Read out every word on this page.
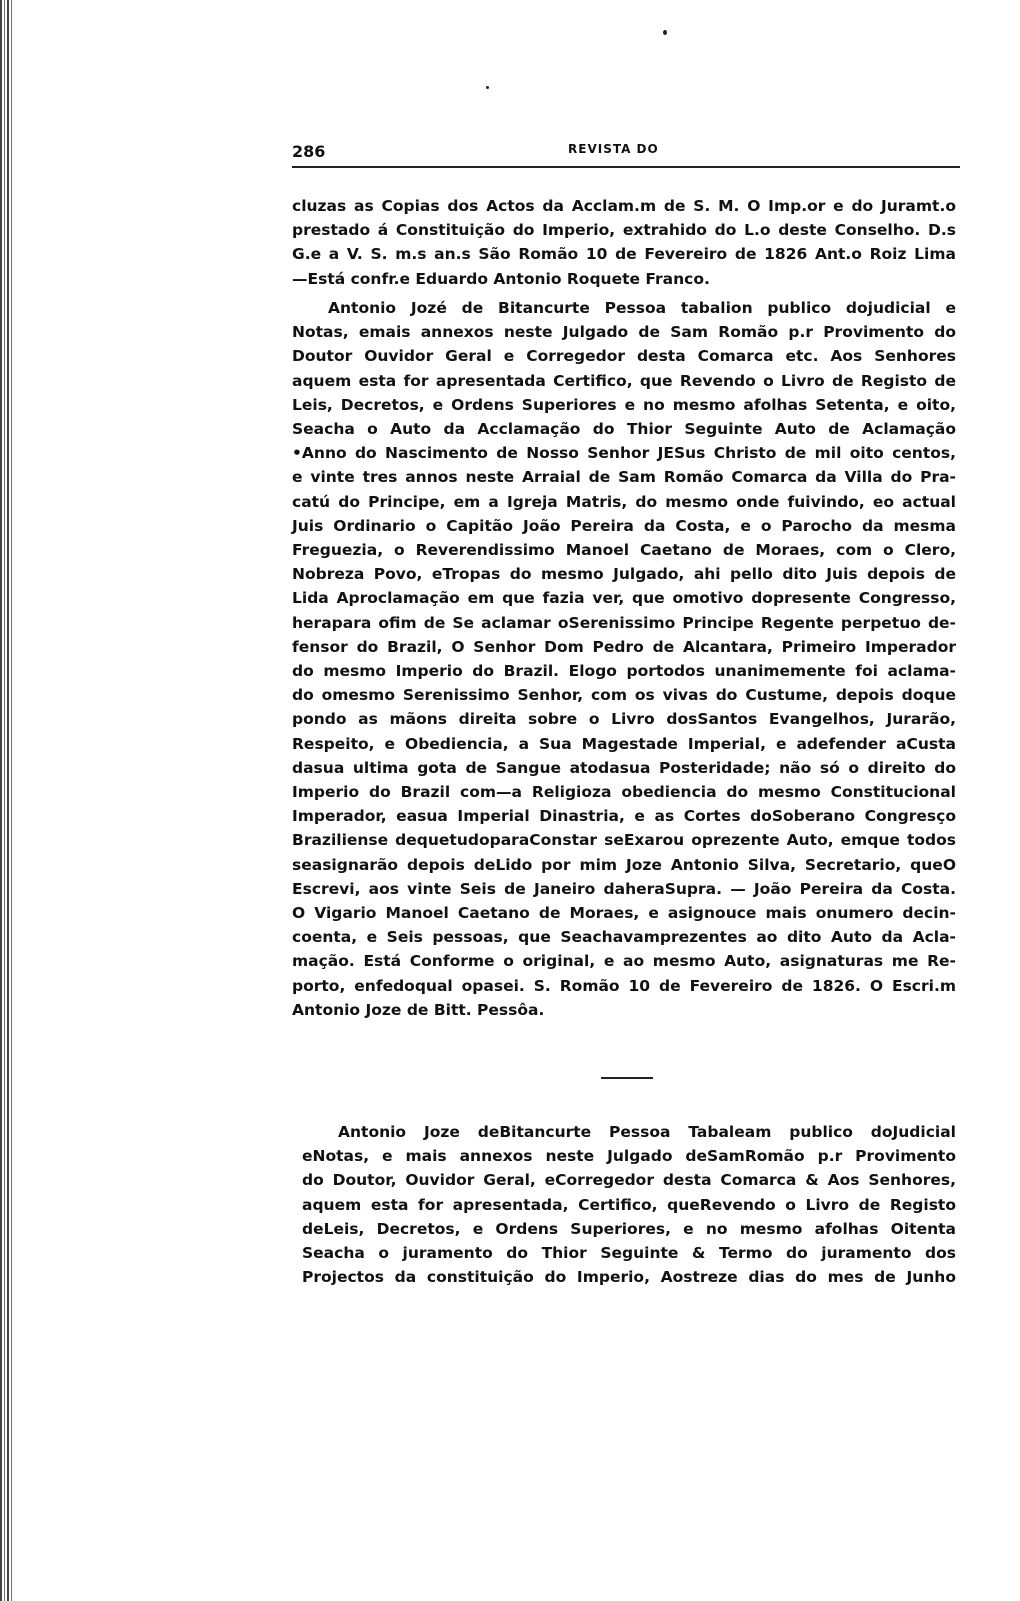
286	REVISTA DO
cluzas as Copias dos Actos da Acclam.m de S. M. O Imp.or e do Juramt.o
prestado á Constituição do Imperio, extrahido do L.o deste Conselho. D.s
G.e a V. S. m.s an.s São Romão 10 de Fevereiro de 1826 Ant.o Roiz Lima
—Está confr.e Eduardo Antonio Roquete Franco.
Antonio Jozé de Bitancurte Pessoa tabalion publico dojudicial e
Notas, emais annexos neste Julgado de Sam Romão p.r Provimento do
Doutor Ouvidor Geral e Corregedor desta Comarca etc. Aos Senhores
aquem esta for apresentada Certifico, que Revendo o Livro de Registo de
Leis, Decretos, e Ordens Superiores e no mesmo afolhas Setenta, e oito,
Seacha o Auto da Acclamação do Thior Seguinte Auto de Aclamação
•Anno do Nascimento de Nosso Senhor JESus Christo de mil oito centos,
e vinte tres annos neste Arraial de Sam Romão Comarca da Villa do Pra-
catú do Principe, em a Igreja Matris, do mesmo onde fuivindo, eo actual
Juis Ordinario o Capitão João Pereira da Costa, e o Parocho da mesma
Freguezia, o Reverendissimo Manoel Caetano de Moraes, com o Clero,
Nobreza Povo, eTropas do mesmo Julgado, ahi pello dito Juis depois de
Lida Aproclamação em que fazia ver, que omotivo dopresente Congresso,
herapara ofim de Se aclamar oSerenissimo Principe Regente perpetuo de-
fensor do Brazil, O Senhor Dom Pedro de Alcantara, Primeiro Imperador
do mesmo Imperio do Brazil. Elogo portodos unanimemente foi aclama-
do omesmo Serenissimo Senhor, com os vivas do Custume, depois doque
pondo as mãons direita sobre o Livro dosSantos Evangelhos, Jurarão,
Respeito, e Obediencia, a Sua Magestade Imperial, e adefender aCusta
dasua ultima gota de Sangue atodasua Posteridade; não só o direito do
Imperio do Brazil com—a Religioza obediencia do mesmo Constitucional
Imperador, easua Imperial Dinastria, e as Cortes doSoberano Congresço
Braziliense dequetudoparaConstar seExarou oprezente Auto, emque todos
seasignarão depois deLido por mim Joze Antonio Silva, Secretario, queO
Escrevi, aos vinte Seis de Janeiro daheraSupra. — João Pereira da Costa.
O Vigario Manoel Caetano de Moraes, e asignouce mais onumero decin-
coenta, e Seis pessoas, que Seachavamprezentes ao dito Auto da Acla-
mação. Está Conforme o original, e ao mesmo Auto, asignaturas me Re-
porto, enfedoqual opasei. S. Romão 10 de Fevereiro de 1826. O Escri.m
Antonio Joze de Bitt. Pessôa.
Antonio Joze deBitancurte Pessoa Tabaleam publico doJudicial
eNotas, e mais annexos neste Julgado deSamRomão p.r Provimento
do Doutor, Ouvidor Geral, eCorregedor desta Comarca & Aos Senhores,
aquem esta for apresentada, Certifico, queRevendo o Livro de Registo
deLeis, Decretos, e Ordens Superiores, e no mesmo afolhas Oitenta
Seacha o juramento do Thior Seguinte & Termo do juramento dos
Projectos da constituição do Imperio, Aostreze dias do mes de Junho
